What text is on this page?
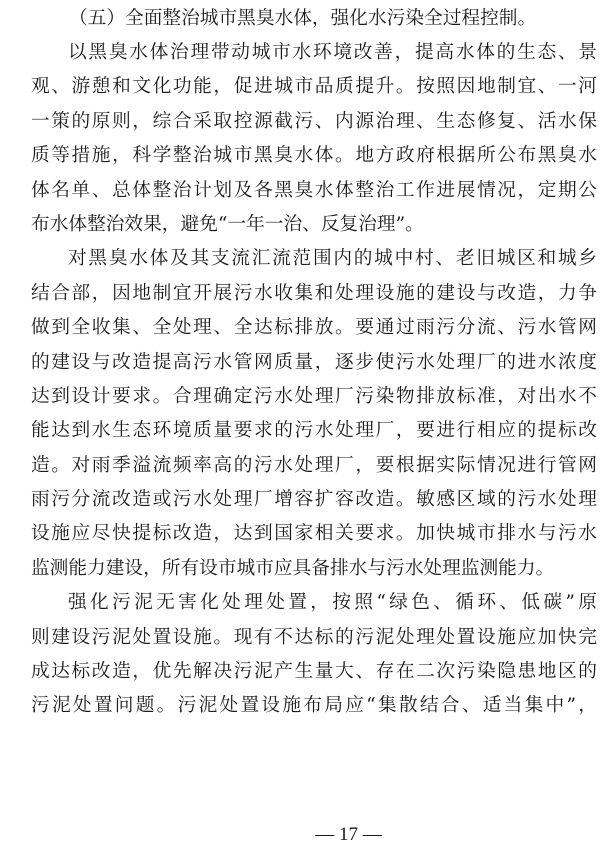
（五）全面整治城市黑臭水体，强化水污染全过程控制。
以黑臭水体治理带动城市水环境改善，提高水体的生态、景
观、游憩和文化功能，促进城市品质提升。按照因地制宜、一河
一策的原则，综合采取控源截污、内源治理、生态修复、活水保
质等措施，科学整治城市黑臭水体。地方政府根据所公布黑臭水
体名单、总体整治计划及各黑臭水体整治工作进展情况，定期公
布水体整治效果，避免“一年一治、反复治理”。
对黑臭水体及其支流汇流范围内的城中村、老旧城区和城乡
结合部，因地制宜开展污水收集和处理设施的建设与改造，力争
做到全收集、全处理、全达标排放。要通过雨污分流、污水管网
的建设与改造提高污水管网质量，逐步使污水处理厂的进水浓度
达到设计要求。合理确定污水处理厂污染物排放标准，对出水不
能达到水生态环境质量要求的污水处理厂，要进行相应的提标改
造。对雨季溢流频率高的污水处理厂，要根据实际情况进行管网
雨污分流改造或污水处理厂增容扩容改造。敏感区域的污水处理
设施应尽快提标改造，达到国家相关要求。加快城市排水与污水
监测能力建设，所有设市城市应具备排水与污水处理监测能力。
强化污泥无害化处理处置，按照“绿色、循环、低碳”原
则建设污泥处置设施。现有不达标的污泥处理处置设施应加快完
成达标改造，优先解决污泥产生量大、存在二次污染隐患地区的
污泥处置问题。污泥处置设施布局应“集散结合、适当集中”，
— 17 —
